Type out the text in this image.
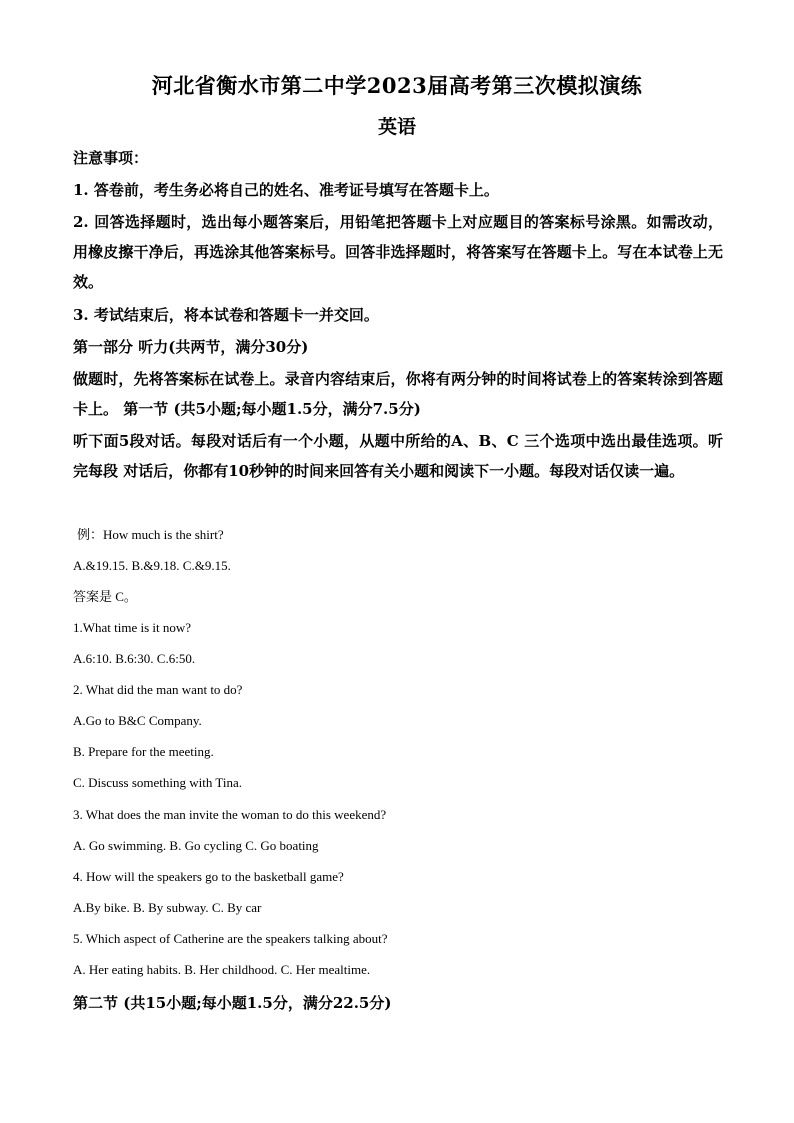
河北省衡水市第二中学2023届高考第三次模拟演练
英语
注意事项：
1. 答卷前，考生务必将自己的姓名、准考证号填写在答题卡上。
2. 回答选择题时，选出每小题答案后，用铅笔把答题卡上对应题目的答案标号涂黑。如需改动，用橡皮擦干净后，再选涂其他答案标号。回答非选择题时，将答案写在答题卡上。写在本试卷上无效。
3. 考试结束后，将本试卷和答题卡一并交回。
第一部分 听力(共两节，满分30分)
做题时，先将答案标在试卷上。录音内容结束后，你将有两分钟的时间将试卷上的答案转涂到答题卡上。 第一节 (共5小题;每小题1.5分，满分7.5分)
听下面5段对话。每段对话后有一个小题，从题中所给的A、B、C 三个选项中选出最佳选项。听完每段 对话后，你都有10秒钟的时间来回答有关小题和阅读下一小题。每段对话仅读一遍。
例：How much is the shirt?
A.&19.15. B.&9.18. C.&9.15.
答案是 C。
1.What time is it now?
A.6:10. B.6:30. C.6:50.
2. What did the man want to do?
A.Go to B&C Company.
B. Prepare for the meeting.
C. Discuss something with Tina.
3. What does the man invite the woman to do this weekend?
A. Go swimming. B. Go cycling C. Go boating
4. How will the speakers go to the basketball game?
A.By bike. B. By subway. C. By car
5. Which aspect of Catherine are the speakers talking about?
A. Her eating habits. B. Her childhood. C. Her mealtime.
第二节 (共15小题;每小题1.5分，满分22.5分)
